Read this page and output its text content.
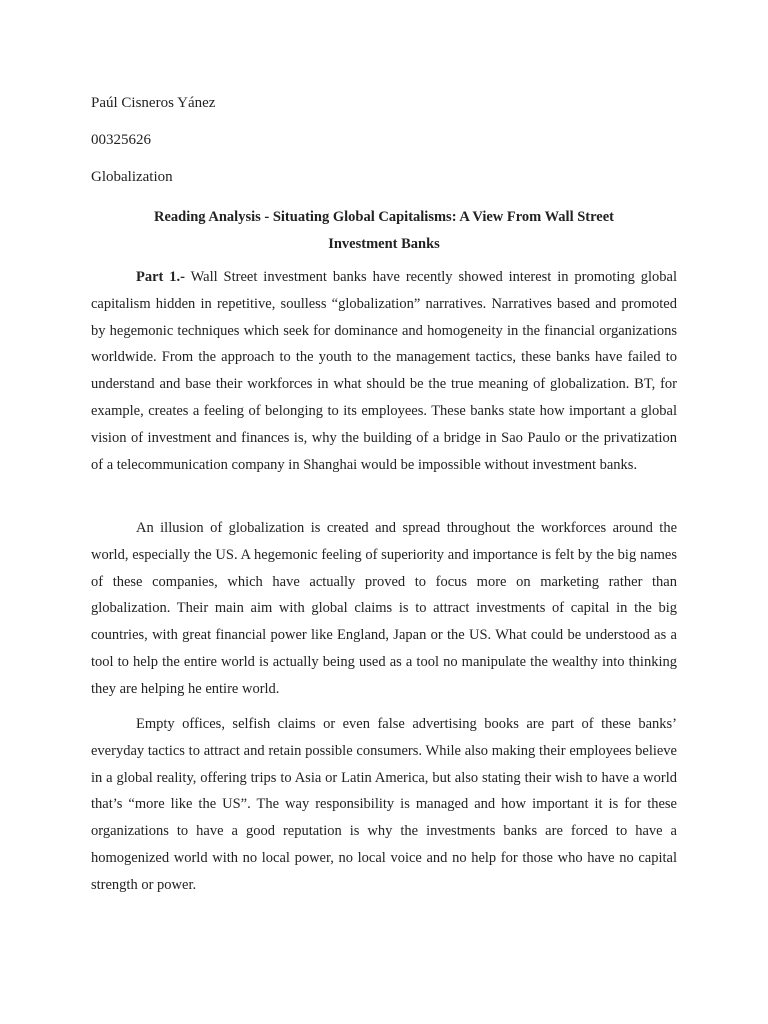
Paúl Cisneros Yánez
00325626
Globalization
Reading Analysis - Situating Global Capitalisms: A View From Wall Street
Investment Banks

Part 1.- Wall Street investment banks have recently showed interest in promoting global capitalism hidden in repetitive, soulless “globalization” narratives. Narratives based and promoted by hegemonic techniques which seek for dominance and homogeneity in the financial organizations worldwide. From the approach to the youth to the management tactics, these banks have failed to understand and base their workforces in what should be the true meaning of globalization. BT, for example, creates a feeling of belonging to its employees. These banks state how important a global vision of investment and finances is, why the building of a bridge in Sao Paulo or the privatization of a telecommunication company in Shanghai would be impossible without investment banks.

An illusion of globalization is created and spread throughout the workforces around the world, especially the US. A hegemonic feeling of superiority and importance is felt by the big names of these companies, which have actually proved to focus more on marketing rather than globalization. Their main aim with global claims is to attract investments of capital in the big countries, with great financial power like England, Japan or the US. What could be understood as a tool to help the entire world is actually being used as a tool no manipulate the wealthy into thinking they are helping he entire world.

Empty offices, selfish claims or even false advertising books are part of these banks’ everyday tactics to attract and retain possible consumers. While also making their employees believe in a global reality, offering trips to Asia or Latin America, but also stating their wish to have a world that’s “more like the US”. The way responsibility is managed and how important it is for these organizations to have a good reputation is why the investments banks are forced to have a homogenized world with no local power, no local voice and no help for those who have no capital strength or power.
